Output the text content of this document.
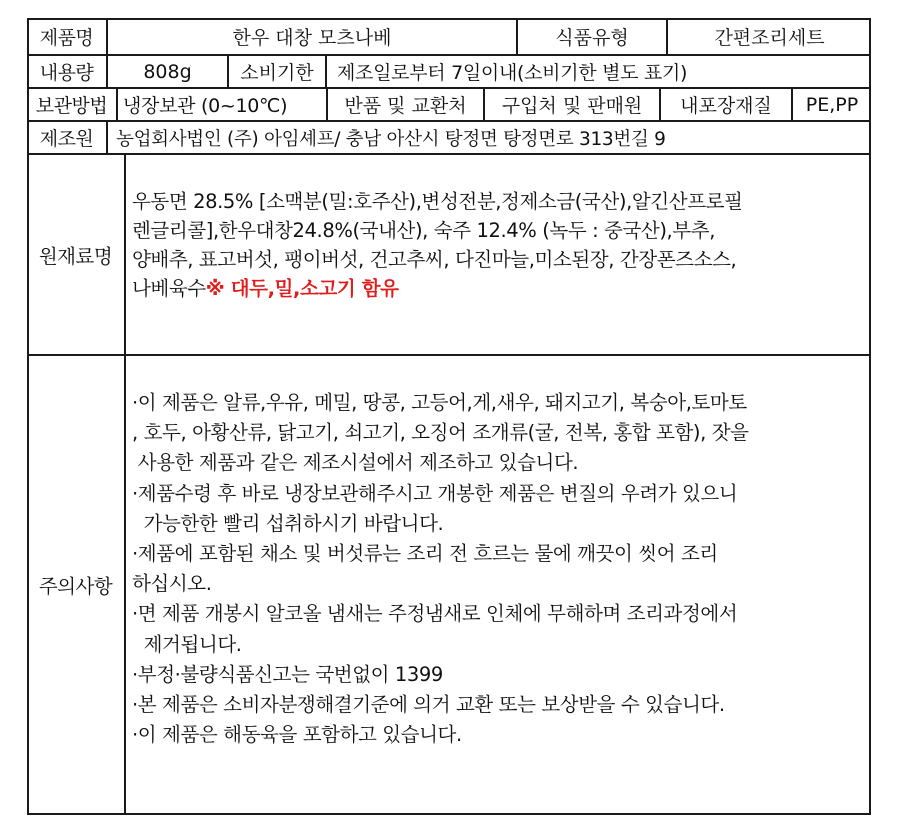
제품명	한우 대창 모츠나베	식품유형	간편조리세트
내용량	808g	소비기한	제조일로부터 7일이내(소비기한 별도 표기)
보관방법 냉장보관 (0~10℃)	반품 및 교환처	구입처 및 판매원	내포장재질	PE,PP
제조원	농업회사법인 (주) 아임셰프/ 충남 아산시 탕정면 탕정면로 313번길 9
원재료명
우동면 28.5% [소맥분(밀:호주산),변성전분,정제소금(국산),알긴산프로필
렌글리콜],한우대창24.8%(국내산), 숙주 12.4% (녹두 : 중국산),부추,
양배추, 표고버섯, 팽이버섯, 건고추씨, 다진마늘,미소된장, 간장폰즈소스,
나베육수※ 대두,밀,소고기 함유
주의사항
·이 제품은 알류,우유, 메밀, 땅콩, 고등어,게,새우, 돼지고기, 복숭아,토마토
, 호두, 아황산류, 닭고기, 쇠고기, 오징어 조개류(굴, 전복, 홍합 포함), 잣을
사용한 제품과 같은 제조시설에서 제조하고 있습니다.
·제품수령 후 바로 냉장보관해주시고 개봉한 제품은 변질의 우려가 있으니
가능한한 빨리 섭취하시기 바랍니다.
·제품에 포함된 채소 및 버섯류는 조리 전 흐르는 물에 깨끗이 씻어 조리
하십시오.
·면 제품 개봉시 알코올 냄새는 주정냄새로 인체에 무해하며 조리과정에서
제거됩니다.
·부정·불량식품신고는 국번없이 1399
·본 제품은 소비자분쟁해결기준에 의거 교환 또는 보상받을 수 있습니다.
·이 제품은 해동육을 포함하고 있습니다.
